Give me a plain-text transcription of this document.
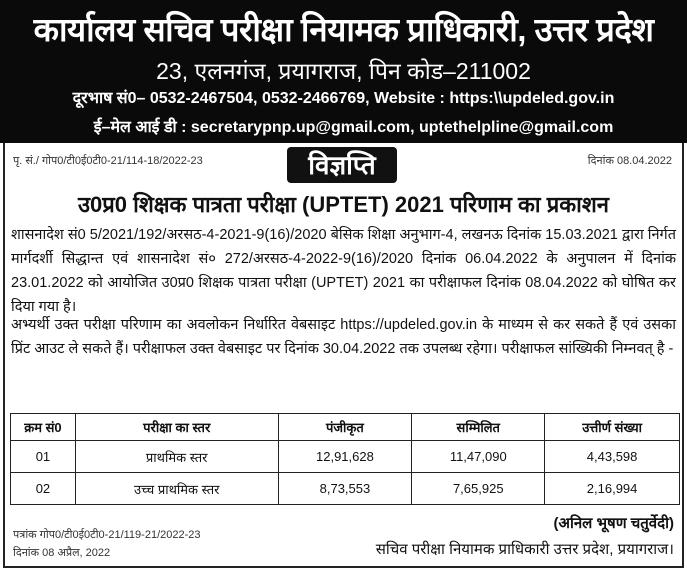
कार्यालय सचिव परीक्षा नियामक प्राधिकारी, उत्तर प्रदेश
23, एलनगंज, प्रयागराज, पिन कोड–211002
दूरभाष सं0– 0532-2467504, 0532-2466769, Website : https:\\updeled.gov.in
ई–मेल आई डी : secretarypnp.up@gmail.com, uptethelpline@gmail.com
पृ. सं./ गोप0/टी0ई0टी0-21/114-18/2022-23	विज्ञप्ति	दिनांक 08.04.2022
उ0प्र0 शिक्षक पात्रता परीक्षा (UPTET) 2021 परिणाम का प्रकाशन
शासनादेश सं0 5/2021/192/अरसठ-4-2021-9(16)/2020 बेसिक शिक्षा अनुभाग-4, लखनऊ दिनांक 15.03.2021 द्वारा निर्गत मार्गदर्शी सिद्धान्त एवं शासनादेश सं० 272/अरसठ-4-2022-9(16)/2020 दिनांक 06.04.2022 के अनुपालन में दिनांक 23.01.2022 को आयोजित उ0प्र0 शिक्षक पात्रता परीक्षा (UPTET) 2021 का परीक्षाफल दिनांक 08.04.2022 को घोषित कर दिया गया है।
अभ्यर्थी उक्त परीक्षा परिणाम का अवलोकन निर्धारित वेबसाइट https://updeled.gov.in के माध्यम से कर सकते हैं एवं उसका प्रिंट आउट ले सकते हैं। परीक्षाफल उक्त वेबसाइट पर दिनांक 30.04.2022 तक उपलब्ध रहेगा। परीक्षाफल सांख्यिकी निम्नवत् है -
क्रम सं0	परीक्षा का स्तर	पंजीकृत	सम्मिलित	उत्तीर्ण संख्या
01	प्राथमिक स्तर	12,91,628	11,47,090	4,43,598
02	उच्च प्राथमिक स्तर	8,73,553	7,65,925	2,16,994
(अनिल भूषण चतुर्वेदी)
सचिव परीक्षा नियामक प्राधिकारी उत्तर प्रदेश, प्रयागराज।
पत्रांक गोप0/टी0ई0टी0-21/119-21/2022-23
दिनांक 08 अप्रैल, 2022
